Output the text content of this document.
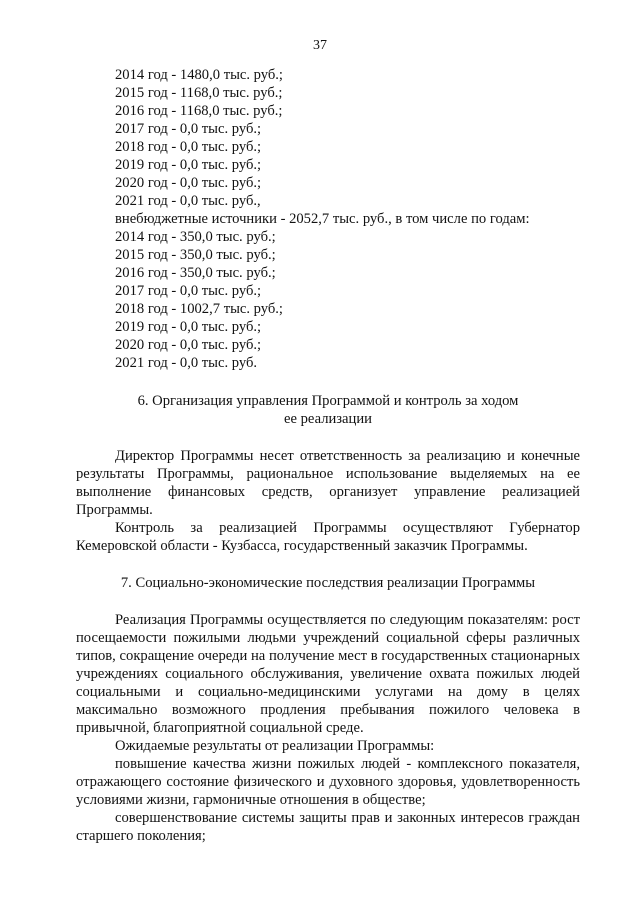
37
2014 год - 1480,0 тыс. руб.;
2015 год - 1168,0 тыс. руб.;
2016 год - 1168,0 тыс. руб.;
2017 год - 0,0 тыс. руб.;
2018 год - 0,0 тыс. руб.;
2019 год - 0,0 тыс. руб.;
2020 год - 0,0 тыс. руб.;
2021 год - 0,0 тыс. руб.,
внебюджетные источники - 2052,7 тыс. руб., в том числе по годам:
2014 год - 350,0 тыс. руб.;
2015 год - 350,0 тыс. руб.;
2016 год - 350,0 тыс. руб.;
2017 год - 0,0 тыс. руб.;
2018 год - 1002,7 тыс. руб.;
2019 год - 0,0 тыс. руб.;
2020 год - 0,0 тыс. руб.;
2021 год - 0,0 тыс. руб.

6. Организация управления Программой и контроль за ходом

ее реализации

Директор Программы несет ответственность за реализацию и конечные результаты Программы, рациональное использование выделяемых на ее выполнение финансовых средств, организует управление реализацией Программы.

Контроль за реализацией Программы осуществляют Губернатор Кемеровской области - Кузбасса, государственный заказчик Программы.

7. Социально-экономические последствия реализации Программы

Реализация Программы осуществляется по следующим показателям: рост посещаемости пожилыми людьми учреждений социальной сферы различных типов, сокращение очереди на получение мест в государственных стационарных учреждениях социального обслуживания, увеличение охвата пожилых людей социальными и социально-медицинскими услугами на дому в целях максимально возможного продления пребывания пожилого человека в привычной, благоприятной социальной среде.

Ожидаемые результаты от реализации Программы:

повышение качества жизни пожилых людей - комплексного показателя, отражающего состояние физического и духовного здоровья, удовлетворенность условиями жизни, гармоничные отношения в обществе;

совершенствование системы защиты прав и законных интересов граждан старшего поколения;
